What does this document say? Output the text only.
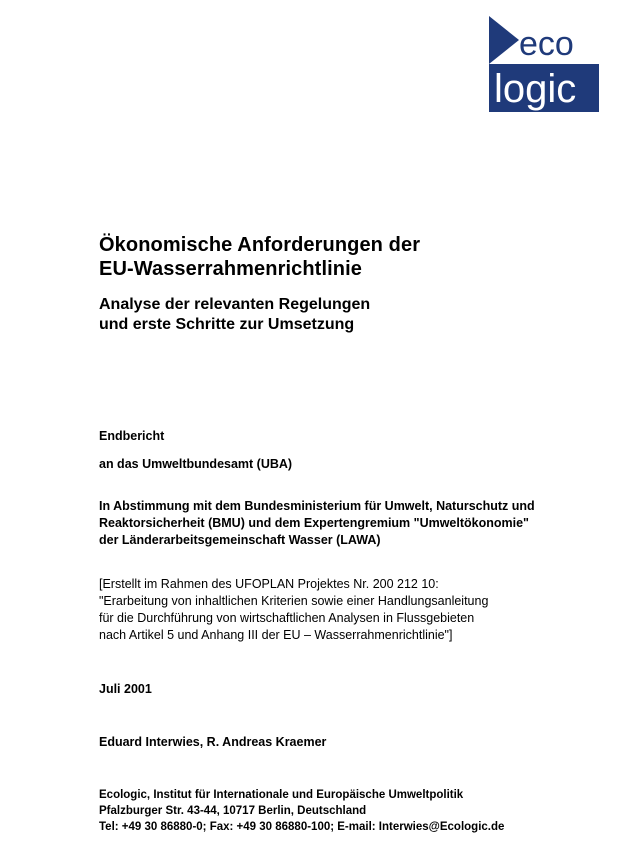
eco
logic
Ökonomische Anforderungen der
EU-Wasserrahmenrichtlinie
Analyse der relevanten Regelungen
und erste Schritte zur Umsetzung
Endbericht
an das Umweltbundesamt (UBA)
In Abstimmung mit dem Bundesministerium für Umwelt, Naturschutz und
Reaktorsicherheit (BMU) und dem Expertengremium "Umweltökonomie"
der Länderarbeitsgemeinschaft Wasser (LAWA)
[Erstellt im Rahmen des UFOPLAN Projektes Nr. 200 212 10:
"Erarbeitung von inhaltlichen Kriterien sowie einer Handlungsanleitung
für die Durchführung von wirtschaftlichen Analysen in Flussgebieten
nach Artikel 5 und Anhang III der EU – Wasserrahmenrichtlinie"]
Juli 2001
Eduard Interwies, R. Andreas Kraemer
Ecologic, Institut für Internationale und Europäische Umweltpolitik
Pfalzburger Str. 43-44, 10717 Berlin, Deutschland
Tel: +49 30 86880-0; Fax: +49 30 86880-100; E-mail: Interwies@Ecologic.de
